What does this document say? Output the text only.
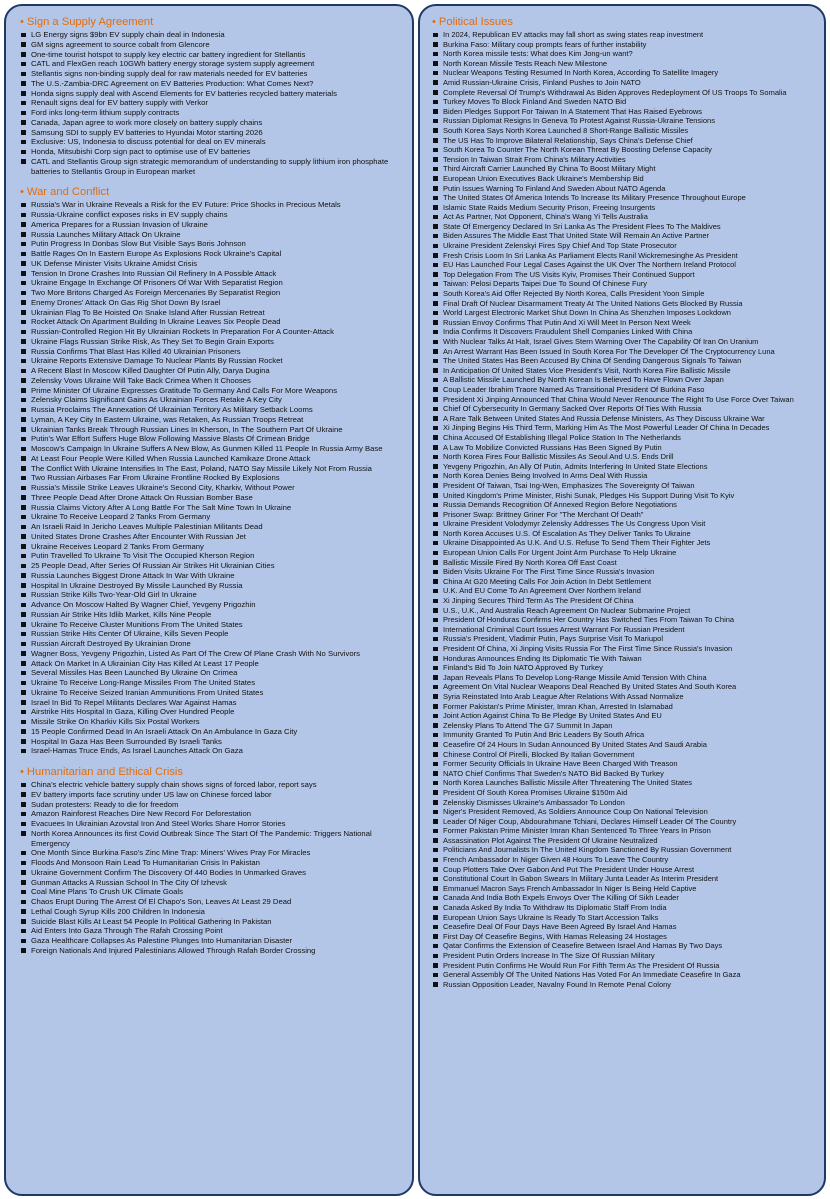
• Sign a Supply Agreement
LG Energy signs $9bn EV supply chain deal in Indonesia
GM signs agreement to source cobalt from Glencore
One-time tourist hotspot to supply key electric car battery ingredient for Stellantis
CATL and FlexGen reach 10GWh battery energy storage system supply agreement
Stellantis signs non-binding supply deal for raw materials needed for EV batteries
The U.S.-Zambia-DRC Agreement on EV Batteries Production: What Comes Next?
Honda signs supply deal with Ascend Elements for EV batteries recycled battery materials
Renault signs deal for EV battery supply with Verkor
Ford inks long-term lithium supply contracts
Canada, Japan agree to work more closely on battery supply chains
Samsung SDI to supply EV batteries to Hyundai Motor starting 2026
Exclusive: US, Indonesia to discuss potential for deal on EV minerals
Honda, Mitsubishi Corp sign pact to optimise use of EV batteries
CATL and Stellantis Group sign strategic memorandum of understanding to supply lithium iron phosphate batteries to Stellantis Group in European market
• War and Conflict
Russia's War in Ukraine Reveals a Risk for the EV Future: Price Shocks in Precious Metals
Russia-Ukraine conflict exposes risks in EV supply chains
America Prepares for a Russian Invasion of Ukraine
Russia Launches Military Attack On Ukraine
Putin Progress In Donbas Slow But Visible Says Boris Johnson
Battle Rages On In Eastern Europe As Explosions Rock Ukraine's Capital
UK Defense Minister Visits Ukraine Amidst Crisis
Tension In Drone Crashes Into Russian Oil Refinery In A Possible Attack
Ukraine Engage In Exchange Of Prisoners Of War With Separatist Region
Two More Britons Charged As Foreign Mercenaries By Separatist Region
Enemy Drones' Attack On Gas Rig Shot Down By Israel
Ukrainian Flag To Be Hoisted On Snake Island After Russian Retreat
Rocket Attack On Apartment Building In Ukraine Leaves Six People Dead
Russian-Controlled Region Hit By Ukrainian Rockets In Preparation For A Counter-Attack
Ukraine Flags Russian Strike Risk, As They Set To Begin Grain Exports
Russia Confirms That Blast Has Killed 40 Ukrainian Prisoners
Ukraine Reports Extensive Damage To Nuclear Plants By Russian Rocket
A Recent Blast In Moscow Killed Daughter Of Putin Ally, Darya Dugina
Zelensky Vows Ukraine Will Take Back Crimea When It Chooses
Prime Minister Of Ukraine Expresses Gratitude To Germany And Calls For More Weapons
Zelensky Claims Significant Gains As Ukrainian Forces Retake A Key City
Russia Proclaims The Annexation Of Ukrainian Territory As Military Setback Looms
Lyman, A Key City In Eastern Ukraine, was Retaken, As Russian Troops Retreat
Ukrainian Tanks Break Through Russian Lines In Kherson, In The Southern Part Of Ukraine
Putin's War Effort Suffers Huge Blow Following Massive Blasts Of Crimean Bridge
Moscow's Campaign In Ukraine Suffers A New Blow, As Gunmen Killed 11 People In Russia Army Base
At Least Four People Were Killed When Russia Launched Kamikaze Drone Attack
The Conflict With Ukraine Intensifies In The East, Poland, NATO Say Missile Likely Not From Russia
Two Russian Airbases Far From Ukraine Frontline Rocked By Explosions
Russia's Missile Strike Leaves Ukraine's Second City, Kharkiv, Without Power
Three People Dead After Drone Attack On Russian Bomber Base
Russia Claims Victory After A Long Battle For The Salt Mine Town In Ukraine
Ukraine To Receive Leopard 2 Tanks From Germany
An Israeli Raid In Jericho Leaves Multiple Palestinian Militants Dead
United States Drone Crashes After Encounter With Russian Jet
Ukraine Receives Leopard 2 Tanks From Germany
Putin Travelled To Ukraine To Visit The Occupied Kherson Region
25 People Dead, After Series Of Russian Air Strikes Hit Ukrainian Cities
Russia Launches Biggest Drone Attack In War With Ukraine
Hospital In Ukraine Destroyed By Missile Launched By Russia
Russian Strike Kills Two-Year-Old Girl In Ukraine
Advance On Moscow Halted By Wagner Chief, Yevgeny Prigozhin
Russian Air Strike Hits Idlib Market, Kills Nine People
Ukraine To Receive Cluster Munitions From The United States
Russian Strike Hits Center Of Ukraine, Kills Seven People
Russian Aircraft Destroyed By Ukrainian Drone
Wagner Boss, Yevgeny Prigozhin, Listed As Part Of The Crew Of Plane Crash With No Survivors
Attack On Market In A Ukrainian City Has Killed At Least 17 People
Several Missiles Has Been Launched By Ukraine On Crimea
Ukraine To Receive Long-Range Missiles From The United States
Ukraine To Receive Seized Iranian Ammunitions From United States
Israel In Bid To Repel Militants Declares War Against Hamas
Airstrike Hits Hospital In Gaza, Killing Over Hundred People
Missile Strike On Kharkiv Kills Six Postal Workers
15 People Confirmed Dead In An Israeli Attack On An Ambulance In Gaza City
Hospital In Gaza Has Been Surrounded By Israeli Tanks
Israel-Hamas Truce Ends, As Israel Launches Attack On Gaza
• Humanitarian and Ethical Crisis
China's electric vehicle battery supply chain shows signs of forced labor, report says
EV battery imports face scrutiny under US law on Chinese forced labor
Sudan protesters: Ready to die for freedom
Amazon Rainforest Reaches Dire New Record For Deforestation
Evacuees In Ukrainian Azovstal Iron And Steel Works Share Horror Stories
North Korea Announces its first Covid Outbreak Since The Start Of The Pandemic: Triggers National Emergency
One Month Since Burkina Faso's Zinc Mine Trap: Miners' Wives Pray For Miracles
Floods And Monsoon Rain Lead To Humanitarian Crisis In Pakistan
Ukraine Government Confirm The Discovery Of 440 Bodies In Unmarked Graves
Gunman Attacks A Russian School In The City Of Izhevsk
Coal Mine Plans To Crush UK Climate Goals
Chaos Erupt During The Arrest Of El Chapo's Son, Leaves At Least 29 Dead
Lethal Cough Syrup Kills 200 Children In Indonesia
Suicide Blast Kills At Least 54 People In Political Gathering In Pakistan
Aid Enters Into Gaza Through The Rafah Crossing Point
Gaza Healthcare Collapses As Palestine Plunges Into Humanitarian Disaster
Foreign Nationals And Injured Palestinians Allowed Through Rafah Border Crossing
• Political Issues
In 2024, Republican EV attacks may fall short as swing states reap investment
Burkina Faso: Military coup prompts fears of further instability
North Korea missile tests: What does Kim Jong-un want?
North Korean Missile Tests Reach New Milestone
Nuclear Weapons Testing Resumed In North Korea, According To Satellite Imagery
Amid Russian-Ukraine Crisis, Finland Pushes to Join NATO
Complete Reversal Of Trump's Withdrawal As Biden Approves Redeployment Of US Troops To Somalia
Turkey Moves To Block Finland And Sweden NATO Bid
Biden Pledges Support For Taiwan In A Statement That Has Raised Eyebrows
Russian Diplomat Resigns In Geneva To Protest Against Russia-Ukraine Tensions
South Korea Says North Korea Launched 8 Short-Range Ballistic Missiles
The US Has To Improve Bilateral Relationship, Says China's Defense Chief
South Korea To Counter The North Korean Threat By Boosting Defense Capacity
Tension In Taiwan Strait From China's Military Activities
Third Aircraft Carrier Launched By China To Boost Military Might
European Union Executives Back Ukraine's Membership Bid
Putin Issues Warning To Finland And Sweden About NATO Agenda
The United States Of America Intends To Increase Its Military Presence Throughout Europe
Islamic State Raids Medium Security Prison, Freeing Insurgents
Act As Partner, Not Opponent, China's Wang Yi Tells Australia
State Of Emergency Declared In Sri Lanka As The President Flees To The Maldives
Biden Assures The Middle East That United State Will Remain An Active Partner
Ukraine President Zelenskyi Fires Spy Chief And Top State Prosecutor
Fresh Crisis Loom In Sri Lanka As Parliament Elects Ranil Wickremesinghe As President
EU Has Launched Four Legal Cases Against the UK Over The Northern Ireland Protocol
Top Delegation From The US Visits Kyiv, Promises Their Continued Support
Taiwan: Pelosi Departs Taipei Due To Sound Of Chinese Fury
South Korea's Aid Offer Rejected By North Korea, Calls President Yoon Simple
Final Draft Of Nuclear Disarmament Treaty At The United Nations Gets Blocked By Russia
World Largest Electronic Market Shut Down In China As Shenzhen Imposes Lockdown
Russian Envoy Confirms That Putin And Xi Will Meet In Person Next Week
India Confirms It Discovers Fraudulent Shell Companies Linked With China
With Nuclear Talks At Halt, Israel Gives Stern Warning Over The Capability Of Iran On Uranium
An Arrest Warrant Has Been Issued In South Korea For The Developer Of The Cryptocurrency Luna
The United States Has Been Accused By China Of Sending Dangerous Signals To Taiwan
In Anticipation Of United States Vice President's Visit, North Korea Fire Ballistic Missile
A Ballistic Missile Launched By North Korean Is Believed To Have Flown Over Japan
Coup Leader Ibrahim Traore Named As Transitional President Of Burkina Faso
President Xi Jinping Announced That China Would Never Renounce The Right To Use Force Over Taiwan
Chief Of Cybersecurity In Germany Sacked Over Reports Of Ties With Russia
A Rare Talk Between United States And Russia Defense Ministers, As They Discuss Ukraine War
Xi Jinping Begins His Third Term, Marking Him As The Most Powerful Leader Of China In Decades
China Accused Of Establishing Illegal Police Station In The Netherlands
A Law To Mobilize Convicted Russians Has Been Signed By Putin
North Korea Fires Four Ballistic Missiles As Seoul And U.S. Ends Drill
Yevgeny Prigozhin, An Ally Of Putin, Admits Interfering In United State Elections
North Korea Denies Being Involved In Arms Deal With Russia
President Of Taiwan, Tsai Ing-Wen, Emphasizes The Sovereignty Of Taiwan
United Kingdom's Prime Minister, Rishi Sunak, Pledges His Support During Visit To Kyiv
Russia Demands Recognition Of Annexed Region Before Negotiations
Prisoner Swap: Brittney Griner For "The Merchant Of Death"
Ukraine President Volodymyr Zelensky Addresses The Us Congress Upon Visit
North Korea Accuses U.S. Of Escalation As They Deliver Tanks To Ukraine
Ukraine Disappointed As U.K. And U.S. Refuse To Send Them Their Fighter Jets
European Union Calls For Urgent Joint Arm Purchase To Help Ukraine
Ballistic Missile Fired By North Korea Off East Coast
Biden Visits Ukraine For The First Time Since Russia's Invasion
China At G20 Meeting Calls For Join Action In Debt Settlement
U.K. And EU Come To An Agreement Over Northern Ireland
Xi Jinping Secures Third Term As The President Of China
U.S., U.K., And Australia Reach Agreement On Nuclear Submarine Project
President Of Honduras Confirms Her Country Has Switched Ties From Taiwan To China
International Criminal Court Issues Arrest Warrant For Russian President
Russia's President, Vladimir Putin, Pays Surprise Visit To Mariupol
President Of China, Xi Jinping Visits Russia For The First Time Since Russia's Invasion
Honduras Announces Ending Its Diplomatic Tie With Taiwan
Finland's Bid To Join NATO Approved By Turkey
Japan Reveals Plans To Develop Long-Range Missile Amid Tension With China
Agreement On Vital Nuclear Weapons Deal Reached By United States And South Korea
Syria Reinstated Into Arab League After Relations With Assad Normalize
Former Pakistan's Prime Minister, Imran Khan, Arrested In Islamabad
Joint Action Against China To Be Pledge By United States And EU
Zelensky Plans To Attend The G7 Summit In Japan
Immunity Granted To Putin And Bric Leaders By South Africa
Ceasefire Of 24 Hours In Sudan Announced By United States And Saudi Arabia
Chinese Control Of Pirelli, Blocked By Italian Government
Former Security Officials In Ukraine Have Been Charged With Treason
NATO Chief Confirms That Sweden's NATO Bid Backed By Turkey
North Korea Launches Ballistic Missile After Threatening The United States
President Of South Korea Promises Ukraine $150m Aid
Zelenskiy Dismisses Ukraine's Ambassador To London
Niger's President Removed, As Soldiers Announce Coup On National Television
Leader Of Niger Coup, Abdourahmane Tchiani, Declares Himself Leader Of The Country
Former Pakistan Prime Minister Imran Khan Sentenced To Three Years In Prison
Assassination Plot Against The President Of Ukraine Neutralized
Politicians And Journalists In The United Kingdom Sanctioned By Russian Government
French Ambassador In Niger Given 48 Hours To Leave The Country
Coup Plotters Take Over Gabon And Put The President Under House Arrest
Constitutional Court In Gabon Swears In Military Junta Leader As Interim President
Emmanuel Macron Says French Ambassador In Niger Is Being Held Captive
Canada And India Both Expels Envoys Over The Killing Of Sikh Leader
Canada Asked By India To Withdraw Its Diplomatic Staff From India
European Union Says Ukraine Is Ready To Start Accession Talks
Ceasefire Deal Of Four Days Have Been Agreed By Israel And Hamas
First Day Of Ceasefire Begins, With Hamas Releasing 24 Hostages
Qatar Confirms the Extension of Ceasefire Between Israel And Hamas By Two Days
President Putin Orders Increase In The Size Of Russian Military
President Putin Confirms He Would Run For Fifth Term As The President Of Russia
General Assembly Of The United Nations Has Voted For An Immediate Ceasefire In Gaza
Russian Opposition Leader, Navalny Found In Remote Penal Colony
